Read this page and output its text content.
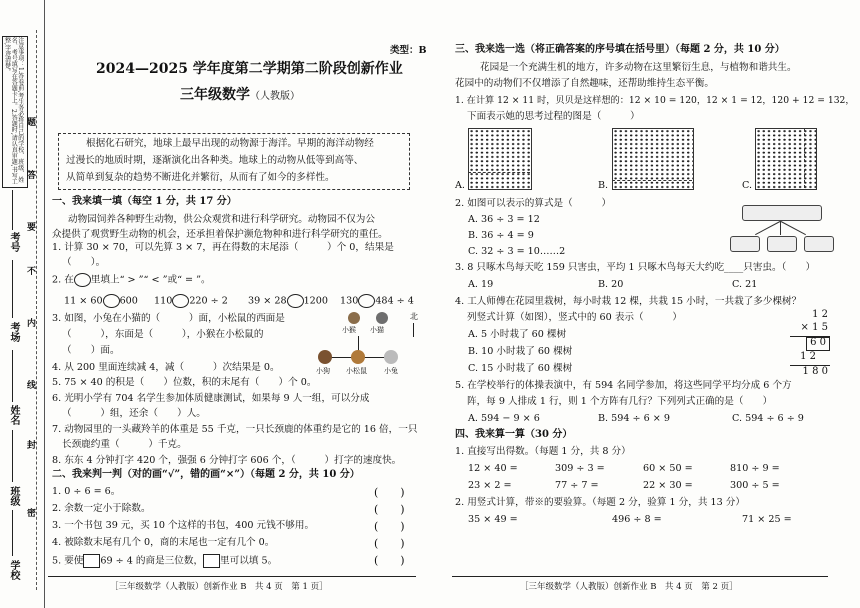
注意事项：1.答卷前,考生务必将自己的学校、班级、姓名、考号填写在答题卡上。2.答题时,请认真审题,书写工整,字迹清楚。
考号
考场
姓名
班级
学校
密
封
线
内
不
要
答
题
类型：B
2024—2025 学年度第二学期第二阶段创新作业
三年级数学（人教版）
根据化石研究，地球上最早出现的动物源于海洋。早期的海洋动物经
过漫长的地质时期，逐渐演化出各种类。地球上的动物从低等到高等、
从简单到复杂的趋势不断进化并繁衍，从而有了如今的多样性。
一、我来填一填（每空 1 分，共 17 分）
动物园饲养各种野生动物，供公众观赏和进行科学研究。动物园不仅为公
众提供了观赏野生动物的机会，还承担着保护濒危物种和进行科学研究的重任。
1. 计算 30 × 70，可以先算 3 × 7，再在得数的末尾添（　　　）个 0，结果是
（　　）。
2. 在 里填上“ > ”“ < ”或“ = ”。
11 × 60 600 110 220 ÷ 2 39 × 28 1200 130 484 ÷ 4
3. 如图，小兔在小猫的（　　　）面，小松鼠的西面是
（　　　），东面是（　　　），小猴在小松鼠的
（　　）面。
北
小猴 小猫
小狗 小松鼠 小兔
4. 从 200 里面连续减 4，减（　　　）次结果是 0。
5. 75 × 40 的积是（　　）位数，积的末尾有（　　）个 0。
6. 光明小学有 704 名学生参加体质健康测试，如果每 9 人一组，可以分成
（　　　）组，还余（　　）人。
7. 动物园里的一头藏羚羊的体重是 55 千克，一只长颈鹿的体重约是它的 16 倍，一只
长颈鹿约重（　　　）千克。
8. 东东 4 分钟打字 420 个，强强 6 分钟打字 606 个，（　　　）打字的速度快。
二、我来判一判（对的画“√”，错的画“×”）（每题 2 分，共 10 分）
1. 0 ÷ 6 = 6。	(　　)
2. 余数一定小于除数。	(　　)
3. 一个书包 39 元，买 10 个这样的书包，400 元钱不够用。	(　　)
4. 被除数末尾有几个 0，商的末尾也一定有几个 0。	(　　)
5. 要使 69 ÷ 4 的商是三位数， 里可以填 5。	(　　)
［三年级数学（人教版）创新作业 B　共 4 页　第 1 页］
三、我来选一选（将正确答案的序号填在括号里）（每题 2 分，共 10 分）
花园是一个充满生机的地方，许多动物在这里繁衍生息，与植物和谐共生。
花园中的动物们不仅增添了自然趣味，还帮助维持生态平衡。
1. 在计算 12 × 11 时，贝贝是这样想的：12 × 10 = 120，12 × 1 = 12，120 + 12 = 132，
下面表示她的思考过程的图是（　　　）
A.	B.	C.
2. 如图可以表示的算式是（　　　）
A. 36 ÷ 3 = 12
B. 36 ÷ 4 = 9
C. 32 ÷ 3 = 10……2
3. 8 只啄木鸟每天吃 159 只害虫，平均 1 只啄木鸟每天大约吃____只害虫。（　　）
A. 19	B. 20	C. 21
4. 工人师傅在花园里栽树，每小时栽 12 棵，共栽 15 小时，一共栽了多少棵树？
列竖式计算（如图），竖式中的 60 表示（　　　）
A. 5 小时栽了 60 棵树
B. 10 小时栽了 60 棵树
C. 15 小时栽了 60 棵树
1 2
× 1 5
6 0
1 2
1 8 0
5. 在学校举行的体操表演中，有 594 名同学参加，将这些同学平均分成 6 个方
阵，每 9 人排成 1 行，则 1 个方阵有几行？下列列式正确的是（　　）
A. 594 − 9 × 6	B. 594 ÷ 6 × 9	C. 594 ÷ 6 ÷ 9
四、我来算一算（30 分）
1. 直接写出得数。（每题 1 分，共 8 分）
12 × 40 =	309 ÷ 3 =	60 × 50 =	810 ÷ 9 =
23 × 2 =	77 ÷ 7 =	22 × 30 =	300 ÷ 5 =
2. 用竖式计算，带※的要验算。（每题 2 分，验算 1 分，共 13 分）
35 × 49 =	496 ÷ 8 =	71 × 25 =
［三年级数学（人教版）创新作业 B　共 4 页　第 2 页］
